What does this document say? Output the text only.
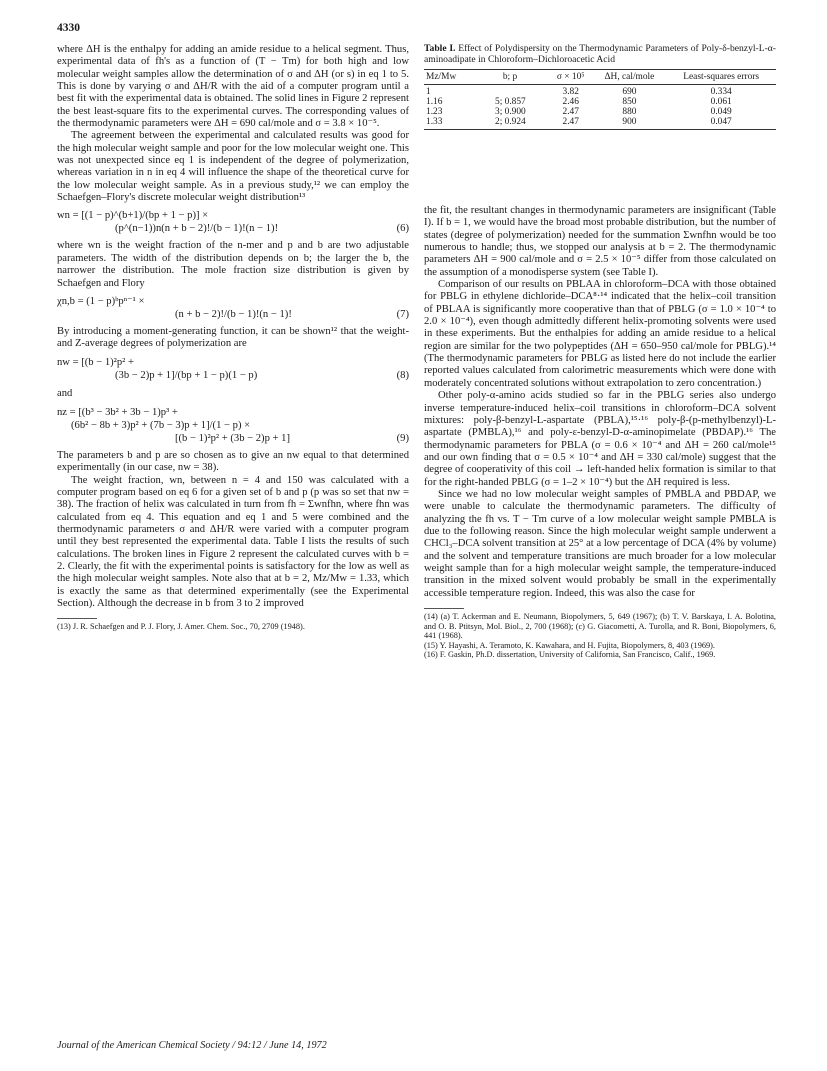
4330

where ΔH is the enthalpy for adding an amide residue to a helical segment. Thus, experimental data of fh's as a function of (T − Tm) for both high and low molecular weight samples allow the determination of σ and ΔH (or s) in eq 1 to 5. This is done by varying σ and ΔH/R with the aid of a computer program until a best fit with the experimental data is obtained. The solid lines in Figure 2 represent the best least-square fits to the experimental curves. The corresponding values of the thermodynamic parameters were ΔH = 690 cal/mole and σ = 3.8 × 10⁻⁵.

The agreement between the experimental and calculated results was good for the high molecular weight sample and poor for the low molecular weight one. This was not unexpected since eq 1 is independent of the degree of polymerization, whereas variation in n in eq 4 will influence the shape of the theoretical curve for the low molecular weight sample. As in a previous study,¹² we can employ the Schaefgen–Flory's discrete molecular weight distribution¹³

wn = [(1 − p)^(b+1)/(bp + 1 − p)] ×
(p^(n−1))n(n + b − 2)!/(b − 1)!(n − 1)!	(6)

where wn is the weight fraction of the n-mer and p and b are two adjustable parameters. The width of the distribution depends on b; the larger the b, the narrower the distribution. The mole fraction size distribution is given by Schaefgen and Flory

χn,b = (1 − p)ᵇpⁿ⁻¹ ×
(n + b − 2)!/(b − 1)!(n − 1)!	(7)

By introducing a moment-generating function, it can be shown¹² that the weight- and Z-average degrees of polymerization are

nw = [(b − 1)²p² +
(3b − 2)p + 1]/(bp + 1 − p)(1 − p)	(8)

and

nz = [(b³ − 3b² + 3b − 1)p³ +
(6b² − 8b + 3)p² + (7b − 3)p + 1]/(1 − p) ×
[(b − 1)²p² + (3b − 2)p + 1]	(9)

The parameters b and p are so chosen as to give an nw equal to that determined experimentally (in our case, nw = 38).

The weight fraction, wn, between n = 4 and 150 was calculated with a computer program based on eq 6 for a given set of b and p (p was so set that nw = 38). The fraction of helix was calculated in turn from fh = Σwnfhn, where fhn was calculated from eq 4. This equation and eq 1 and 5 were combined and the thermodynamic parameters σ and ΔH/R were varied with a computer program until they best represented the experimental data. Table I lists the results of such calculations. The broken lines in Figure 2 represent the calculated curves with b = 2. Clearly, the fit with the experimental points is satisfactory for the low as well as the high molecular weight samples. Note also that at b = 2, Mz/Mw = 1.33, which is exactly the same as that determined experimentally (see the Experimental Section). Although the decrease in b from 3 to 2 improved

(13) J. R. Schaefgen and P. J. Flory, J. Amer. Chem. Soc., 70, 2709 (1948).

Table I. Effect of Polydispersity on the Thermodynamic Parameters of Poly-δ-benzyl-L-α-aminoadipate in Chloroform–Dichloroacetic Acid

Mz/Mw	b; p	σ × 10⁵	ΔH, cal/mole	Least-squares errors
1		3.82	690	0.334
1.16	5; 0.857	2.46	850	0.061
1.23	3; 0.900	2.47	880	0.049
1.33	2; 0.924	2.47	900	0.047

the fit, the resultant changes in thermodynamic parameters are insignificant (Table I). If b = 1, we would have the broad most probable distribution, but the number of states (degree of polymerization) needed for the summation Σwnfhn would be too numerous to handle; thus, we stopped our analysis at b = 2. The thermodynamic parameters ΔH = 900 cal/mole and σ = 2.5 × 10⁻⁵ differ from those calculated on the assumption of a monodisperse system (see Table I).

Comparison of our results on PBLAA in chloroform–DCA with those obtained for PBLG in ethylene dichloride–DCA⁸·¹⁴ indicated that the helix–coil transition of PBLAA is significantly more cooperative than that of PBLG (σ = 1.0 × 10⁻⁴ to 2.0 × 10⁻⁴), even though admittedly different helix-promoting solvents were used in these experiments. But the enthalpies for adding an amide residue to a helical region are similar for the two polypeptides (ΔH = 650–950 cal/mole for PBLG).¹⁴ (The thermodynamic parameters for PBLG as listed here do not include the earlier reported values calculated from calorimetric measurements which were done with moderately concentrated solutions without extrapolation to zero concentration.)

Other poly-α-amino acids studied so far in the PBLG series also undergo inverse temperature-induced helix–coil transitions in chloroform–DCA solvent mixtures: poly-β-benzyl-L-aspartate (PBLA),¹⁵·¹⁶ poly-β-(p-methylbenzyl)-L-aspartate (PMBLA),¹⁶ and poly-ε-benzyl-D-α-aminopimelate (PBDAP).¹⁶ The thermodynamic parameters for PBLA (σ = 0.6 × 10⁻⁴ and ΔH = 260 cal/mole¹⁵ and our own finding that σ = 0.5 × 10⁻⁴ and ΔH = 330 cal/mole) suggest that the degree of cooperativity of this coil → left-handed helix formation is similar to that for the right-handed PBLG (σ = 1–2 × 10⁻⁴) but the ΔH required is less.

Since we had no low molecular weight samples of PMBLA and PBDAP, we were unable to calculate the thermodynamic parameters. The difficulty of analyzing the fh vs. T − Tm curve of a low molecular weight sample PMBLA is due to the following reason. Since the high molecular weight sample underwent a CHCl₃–DCA solvent transition at 25° at a low percentage of DCA (4% by volume) and the solvent and temperature transitions are much broader for a low molecular weight sample than for a high molecular weight sample, the temperature-induced transition in the mixed solvent would probably be small in the experimentally accessible temperature region. Indeed, this was also the case for

(14) (a) T. Ackerman and E. Neumann, Biopolymers, 5, 649 (1967); (b) T. V. Barskaya, I. A. Bolotina, and O. B. Ptitsyn, Mol. Biol., 2, 700 (1968); (c) G. Giacometti, A. Turolla, and R. Boni, Biopolymers, 6, 441 (1968).

(15) Y. Hayashi, A. Teramoto, K. Kawahara, and H. Fujita, Biopolymers, 8, 403 (1969).

(16) F. Gaskin, Ph.D. dissertation, University of California, San Francisco, Calif., 1969.

Journal of the American Chemical Society / 94:12 / June 14, 1972
